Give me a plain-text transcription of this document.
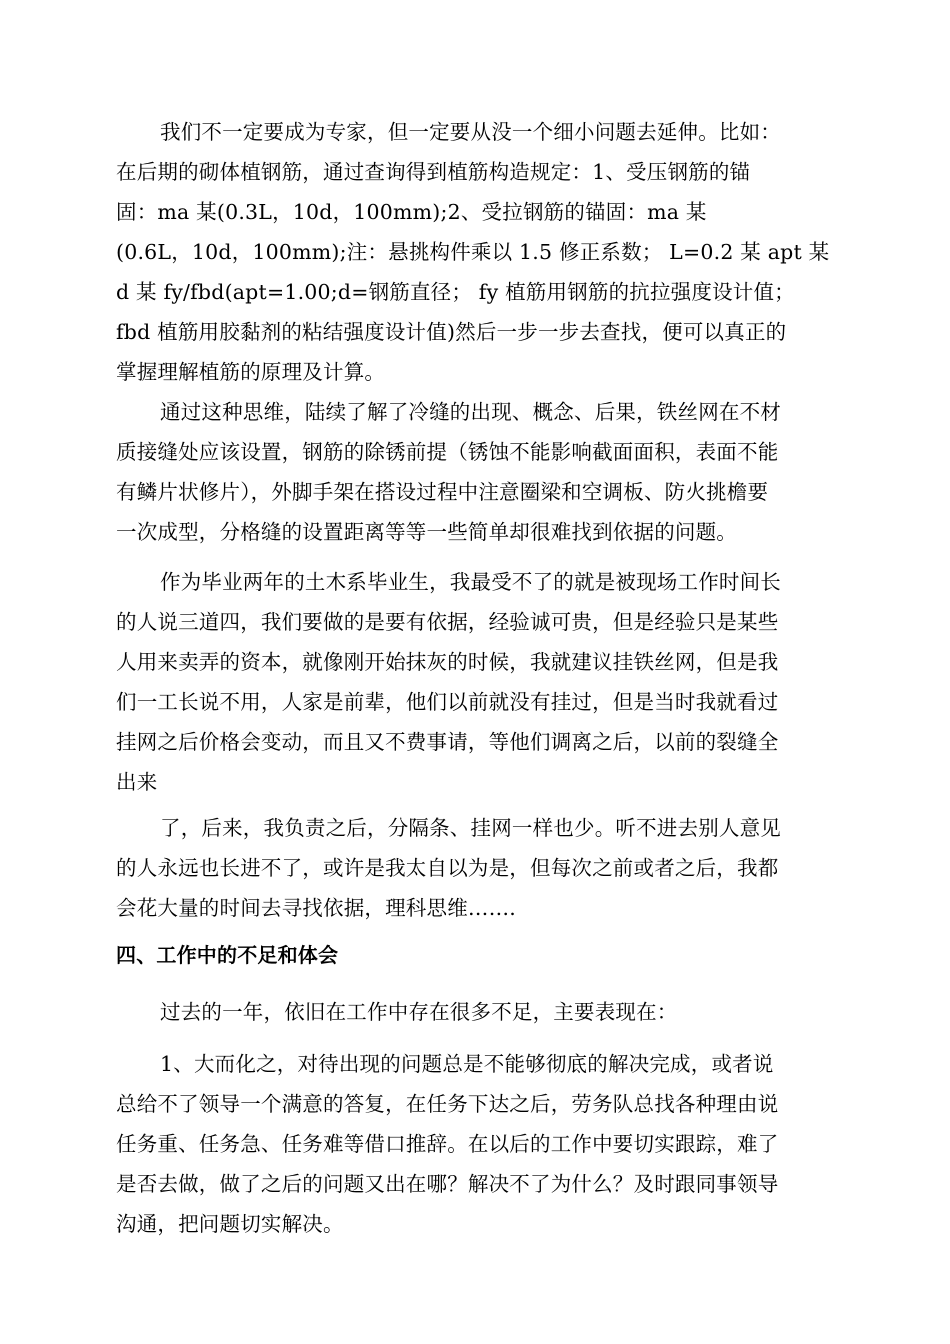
我们不一定要成为专家，但一定要从没一个细小问题去延伸。比如：
在后期的砌体植钢筋，通过查询得到植筋构造规定：1、受压钢筋的锚
固：ma 某(0.3L，10d，100mm);2、受拉钢筋的锚固：ma 某
(0.6L，10d，100mm);注：悬挑构件乘以 1.5 修正系数； L=0.2 某 apt 某
d 某 fy/fbd(apt=1.00;d=钢筋直径； fy 植筋用钢筋的抗拉强度设计值；
fbd 植筋用胶黏剂的粘结强度设计值)然后一步一步去查找，便可以真正的
掌握理解植筋的原理及计算。
通过这种思维，陆续了解了冷缝的出现、概念、后果，铁丝网在不材
质接缝处应该设置，钢筋的除锈前提（锈蚀不能影响截面面积，表面不能
有鳞片状修片），外脚手架在搭设过程中注意圈梁和空调板、防火挑檐要
一次成型，分格缝的设置距离等等一些简单却很难找到依据的问题。
作为毕业两年的土木系毕业生，我最受不了的就是被现场工作时间长
的人说三道四，我们要做的是要有依据，经验诚可贵，但是经验只是某些
人用来卖弄的资本，就像刚开始抹灰的时候，我就建议挂铁丝网，但是我
们一工长说不用，人家是前辈，他们以前就没有挂过，但是当时我就看过
挂网之后价格会变动，而且又不费事请，等他们调离之后，以前的裂缝全
出来
了，后来，我负责之后，分隔条、挂网一样也少。听不进去别人意见
的人永远也长进不了，或许是我太自以为是，但每次之前或者之后，我都
会花大量的时间去寻找依据，理科思维…….
四、工作中的不足和体会
过去的一年，依旧在工作中存在很多不足，主要表现在：
1、大而化之，对待出现的问题总是不能够彻底的解决完成，或者说
总给不了领导一个满意的答复，在任务下达之后，劳务队总找各种理由说
任务重、任务急、任务难等借口推辞。在以后的工作中要切实跟踪，难了
是否去做，做了之后的问题又出在哪？解决不了为什么？及时跟同事领导
沟通，把问题切实解决。
